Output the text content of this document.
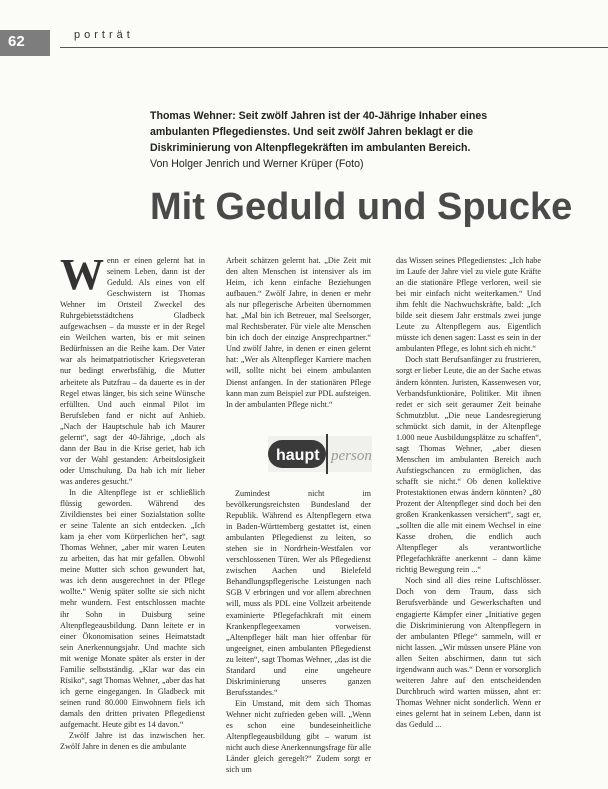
62	porträt
Thomas Wehner: Seit zwölf Jahren ist der 40-Jährige Inhaber eines ambulanten Pflegedienstes. Und seit zwölf Jahren beklagt er die Diskriminierung von Altenpflegekräften im ambulanten Bereich.
Von Holger Jenrich und Werner Krüper (Foto)
Mit Geduld und Spucke

Wenn er einen gelernt hat in seinem Leben, dann ist der Geduld. Als eines von elf Geschwistern ist Thomas Wehner im Ortsteil Zweckel des Ruhrgebietsstädtchens Gladbeck aufgewachsen – da musste er in der Regel ein Weilchen warten, bis er mit seinen Bedürfnissen an die Reihe kam. Der Vater war als heimatpatriotischer Kriegsveteran nur bedingt erwerbsfähig, die Mutter arbeitete als Putzfrau – da dauerte es in der Regel etwas länger, bis sich seine Wünsche erfüllten. Und auch einmal Pilot im Berufsleben fand er nicht auf Anhieb. „Nach der Hauptschule hab ich Maurer gelernt“, sagt der 40-Jährige, „doch als dann der Bau in die Krise geriet, hab ich vor der Wahl gestanden: Arbeitslosigkeit oder Umschulung. Da hab ich mir lieber was anderes gesucht.“

In die Altenpflege ist er schließlich flüssig geworden. Während des Zivildienstes bei einer Sozialstation sollte er seine Talente an sich entdecken. „Ich kam ja eher vom Körperlichen her“, sagt Thomas Wehner, „aber mir waren Leuten zu arbeiten, das hat mir gefallen. Obwohl meine Mutter sich schon gewundert hat, was ich denn ausgerechnet in der Pflege wollte.“ Wenig später sollte sie sich nicht mehr wundern. Fest entschlossen machte ihr Sohn in Duisburg seine Altenpflegeausbildung. Dann leitete er in einer Ökonomisation seines Heimatstadt sein Anerkennungsjahr. Und machte sich mit wenige Monate später als erster in der Familie selbstständig. „Klar war das ein Risiko“, sagt Thomas Wehner, „aber das hat ich gerne eingegangen. In Gladbeck mit seinen rund 80.000 Einwohnern fiels ich damals den dritten privaten Pflegedienst aufgemacht. Heute gibt es 14 davon.“

Zwölf Jahre ist das inzwischen her. Zwölf Jahre in denen es die ambulante

Arbeit schätzen gelernt hat. „Die Zeit mit den alten Menschen ist intensiver als im Heim, ich kenn einfache Beziehungen aufbauen.“ Zwölf Jahre, in denen er mehr als nur pflegerische Arbeiten übernommen hat. „Mal bin ich Betreuer, mal Seelsorger, mal Rechtsberater. Für viele alte Menschen bin ich doch der einzige Ansprechpartner.“ Und zwölf Jahre, in denen er einen gelernt hat: „Wer als Altenpfleger Karriere machen will, sollte nicht bei einem ambulanten Dienst anfangen. In der stationären Pflege kann man zum Beispiel zur PDL aufsteigen. In der ambulanten Pflege nicht.“

haupt person

Zumindest nicht im bevölkerungsreichsten Bundesland der Republik. Während es Altenpflegern etwa in Baden-Württemberg gestattet ist, einen ambulanten Pflegedienst zu leiten, so stehen sie in Nordrhein-Westfalen vor verschlossenen Türen. Wer als Pflegedienst zwischen Aachen und Bielefeld Behandlungspflegerische Leistungen nach SGB V erbringen und vor allem abrechnen will, muss als PDL eine Vollzeit arbeitende examinierte Pflegefachkraft mit einem Krankenpflegeexamen vorweisen. „Altenpfleger hält man hier offenbar für ungeeignet, einen ambulanten Pflegedienst zu leiten“, sagt Thomas Wehner, „das ist die Standard und eine ungeheure Diskriminierung unseres ganzen Berufsstandes.“

Ein Umstand, mit dem sich Thomas Wehner nicht zufrieden geben will. „Wenn es schon eine bundeseinheitliche Altenpflegeausbildung gibt – warum ist nicht auch diese Anerkennungsfrage für alle Länder gleich geregelt?“ Zudem sorgt er sich um

das Wissen seines Pflegedienstes: „Ich habe im Laufe der Jahre viel zu viele gute Kräfte an die stationäre Pflege verloren, weil sie bei mir einfach nicht weiterkamen.“ Und ihm fehlt die Nachwuchskräfte, bald: „Ich bilde seit diesem Jahr erstmals zwei junge Leute zu Altenpflegern aus. Eigentlich müsste ich denen sagen: Lasst es sein in der ambulanten Pflege, es lohnt sich eh nicht.“

Doch statt Berufsanfänger zu frustrieren, sorgt er lieber Leute, die an der Sache etwas ändern könnten. Juristen, Kassenwesen vor, Verbandsfunktionäre, Politiker. Mit ihnen redet er sich seit geraumer Zeit beinahe Schmutzblut. „Die neue Landesregierung schmückt sich damit, in der Altenpflege 1.000 neue Ausbildungsplätze zu schaffen“, sagt Thomas Wehner, „aber diesen Menschen im ambulanten Bereich auch Aufstiegschancen zu ermöglichen, das schafft sie nicht.“ Ob denen kollektive Protestaktionen etwas ändern könnten? „80 Prozent der Altenpfleger sind doch bei den großen Krankenkassen versichert“, sagt er, „sollten die alle mit einem Wechsel in eine Kasse drohen, die endlich auch Altenpfleger als verantwortliche Pflegefachkräfte anerkennt – dann käme richtig Bewegung rein ...“

Noch sind all dies reine Luftschlösser. Doch von dem Traum, dass sich Berufsverbände und Gewerkschaften und engagierte Kämpfer einer „Initiative gegen die Diskriminierung von Altenpflegern in der ambulanten Pflege“ sammeln, will er nicht lassen. „Wir müssen unsere Pläne von allen Seiten abschirmen, dann tut sich irgendwann auch was.“ Denn er vorsorglich weiteren Jahre auf den entscheidenden Durchbruch wird warten müssen, ahnt er: Thomas Wehner nicht sonderlich. Wenn er eines gelernt hat in seinem Leben, dann ist das Geduld ...
